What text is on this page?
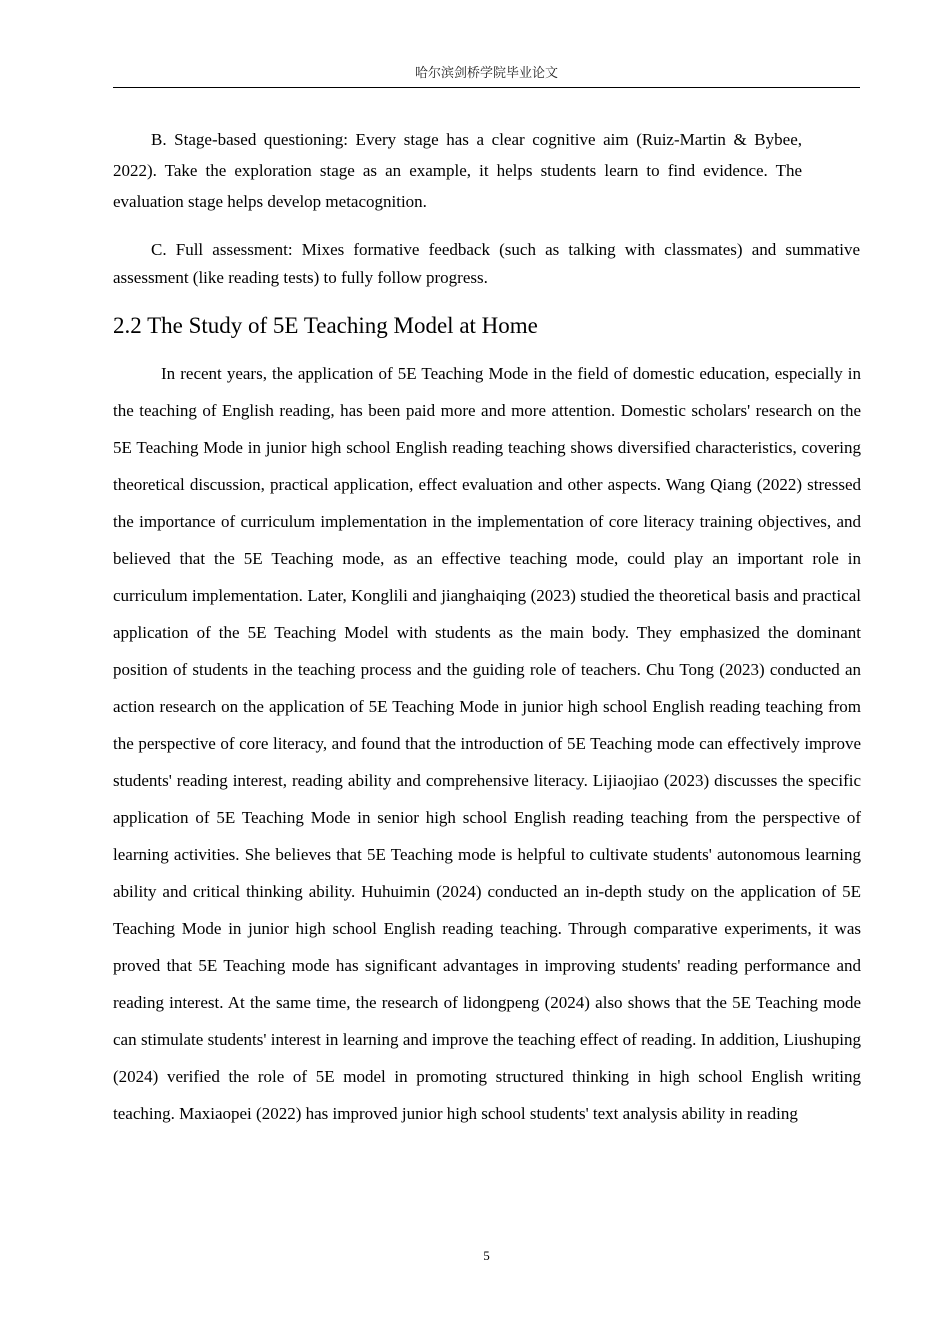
哈尔滨剑桥学院毕业论文

B. Stage-based questioning: Every stage has a clear cognitive aim (Ruiz-Martin & Bybee, 2022). Take the exploration stage as an example, it helps students learn to find evidence. The evaluation stage helps develop metacognition.

C. Full assessment: Mixes formative feedback (such as talking with classmates) and summative assessment (like reading tests) to fully follow progress.

2.2 The Study of 5E Teaching Model at Home

In recent years, the application of 5E Teaching Mode in the field of domestic education, especially in the teaching of English reading, has been paid more and more attention. Domestic scholars' research on the 5E Teaching Mode in junior high school English reading teaching shows diversified characteristics, covering theoretical discussion, practical application, effect evaluation and other aspects. Wang Qiang (2022) stressed the importance of curriculum implementation in the implementation of core literacy training objectives, and believed that the 5E Teaching mode, as an effective teaching mode, could play an important role in curriculum implementation. Later, Konglili and jianghaiqing (2023) studied the theoretical basis and practical application of the 5E Teaching Model with students as the main body. They emphasized the dominant position of students in the teaching process and the guiding role of teachers. Chu Tong (2023) conducted an action research on the application of 5E Teaching Mode in junior high school English reading teaching from the perspective of core literacy, and found that the introduction of 5E Teaching mode can effectively improve students' reading interest, reading ability and comprehensive literacy. Lijiaojiao (2023) discusses the specific application of 5E Teaching Mode in senior high school English reading teaching from the perspective of learning activities. She believes that 5E Teaching mode is helpful to cultivate students' autonomous learning ability and critical thinking ability. Huhuimin (2024) conducted an in-depth study on the application of 5E Teaching Mode in junior high school English reading teaching. Through comparative experiments, it was proved that 5E Teaching mode has significant advantages in improving students' reading performance and reading interest. At the same time, the research of lidongpeng (2024) also shows that the 5E Teaching mode can stimulate students' interest in learning and improve the teaching effect of reading. In addition, Liushuping (2024) verified the role of 5E model in promoting structured thinking in high school English writing teaching. Maxiaopei (2022) has improved junior high school students' text analysis ability in reading

5
